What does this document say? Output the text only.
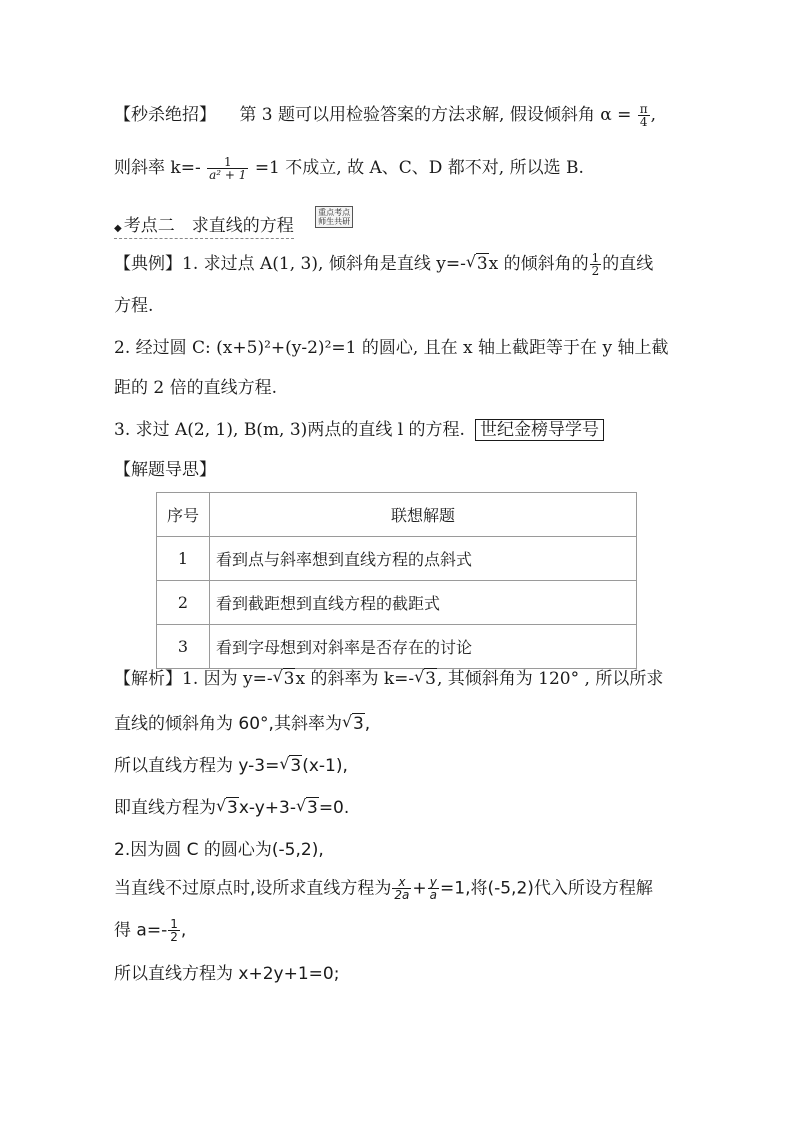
【秒杀绝招】 第 3 题可以用检验答案的方法求解, 假设倾斜角 $\alpha = \frac{\pi}{4}$ ,
则斜率 $k=- \frac{1}{\text{a² + 1}} =1$ 不成立, 故 A、C、D 都不对, 所以选 B.
◆ 考点二　求直线的方程 重点考点
师生共研
【典例】1. 求过点 A(1, 3), 倾斜角是直线 y=- √ 3x 的倾斜角的 $\frac{1}{2}$ 的直线
方程.
2. 经过圆 C: (x+5)²+(y-2)²=1 的圆心, 且在 x 轴上截距等于在 y 轴上截
距的 2 倍的直线方程.
3. 求过 A(2, 1), B(m, 3)两点的直线 l 的方程. 世纪金榜导学号
【解题导思】
序号	联想解题
1	看到点与斜率想到直线方程的点斜式
2	看到截距想到直线方程的截距式
3	看到字母想到对斜率是否存在的讨论
【解析】1. 因为 y=- √ 3x 的斜率为 k=- √ 3, 其倾斜角为 120° , 所以所求
直线的倾斜角为 60°,其斜率为 √ 3,
所以直线方程为 y-3= √ 3(x-1),
即直线方程为 √ 3x-y+3- √ 3=0.
2.因为圆 C 的圆心为(-5,2),
当直线不过原点时,设所求直线方程为 $\frac{x}{2a} + \frac{y}{a} =1$,将(-5,2)代入所设方程解
得 $a=- \frac{1}{2}$ ,
所以直线方程为 x+2y+1=0;
